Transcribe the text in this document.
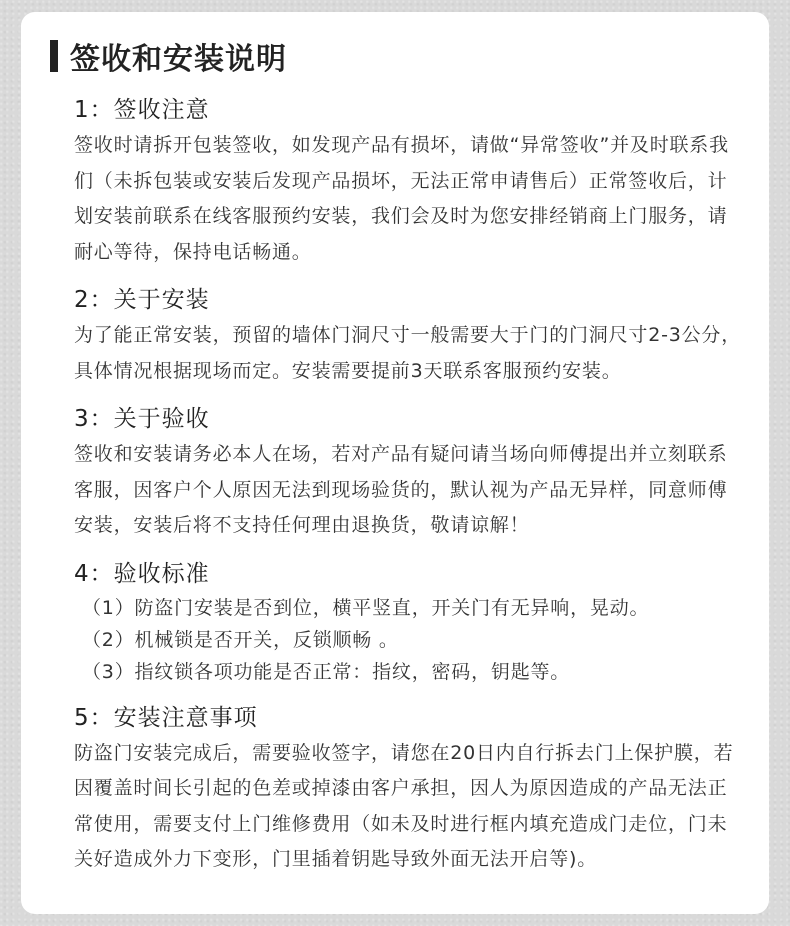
签收和安装说明
1：签收注意

签收时请拆开包装签收，如发现产品有损坏，请做“异常签收”并及时联系我们（未拆包装或安装后发现产品损坏，无法正常申请售后）正常签收后，计划安装前联系在线客服预约安装，我们会及时为您安排经销商上门服务，请耐心等待，保持电话畅通。

2：关于安装

为了能正常安装，预留的墙体门洞尺寸一般需要大于门的门洞尺寸2-3公分，具体情况根据现场而定。安装需要提前3天联系客服预约安装。

3：关于验收

签收和安装请务必本人在场，若对产品有疑问请当场向师傅提出并立刻联系客服，因客户个人原因无法到现场验货的，默认视为产品无异样，同意师傅安装，安装后将不支持任何理由退换货，敬请谅解！

4：验收标准
（1）防盗门安装是否到位，横平竖直，开关门有无异响，晃动。
（2）机械锁是否开关，反锁顺畅 。
（3）指纹锁各项功能是否正常：指纹，密码，钥匙等。
5：安装注意事项

防盗门安装完成后，需要验收签字，请您在20日内自行拆去门上保护膜，若因覆盖时间长引起的色差或掉漆由客户承担，因人为原因造成的产品无法正常使用，需要支付上门维修费用（如未及时进行框内填充造成门走位，门未关好造成外力下变形，门里插着钥匙导致外面无法开启等)。
